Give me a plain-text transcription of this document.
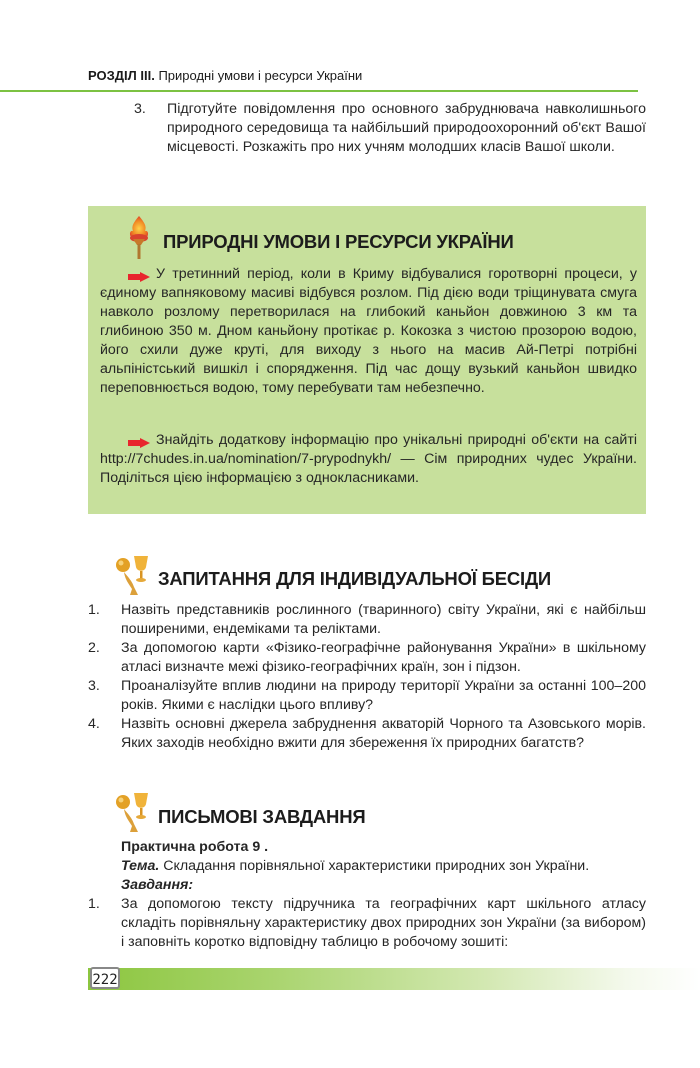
РОЗДІЛ ІІІ. Природні умови і ресурси України
3.	Підготуйте повідомлення про основного забруднювача навколишнього природного середовища та найбільший природоохоронний об'єкт Вашої місцевості. Розкажіть про них учням молодших класів Вашої школи.
ПРИРОДНІ УМОВИ І РЕСУРСИ УКРАЇНИ
У третинний період, коли в Криму відбувалися горотворні процеси, у єдиному вапняковому масиві відбувся розлом. Під дією води тріщинувата смуга навколо розлому перетворилася на глибокий каньйон довжиною 3 км та глибиною 350 м. Дном каньйону протікає р. Кокозка з чистою прозорою водою, його схили дуже круті, для виходу з нього на масив Ай-Петрі потрібні альпіністський вишкіл і спорядження. Під час дощу вузький каньйон швидко переповнюється водою, тому перебувати там небезпечно.
Знайдіть додаткову інформацію про унікальні природні об'єкти на сайті http://7chudes.in.ua/nomination/7-prypodnykh/ — Сім природних чудес України. Поділіться цією інформацією з однокласниками.
ЗАПИТАННЯ ДЛЯ ІНДИВІДУАЛЬНОЇ БЕСІДИ
1.	Назвіть представників рослинного (тваринного) світу України, які є найбільш поширеними, ендеміками та реліктами.
2.	За допомогою карти «Фізико-географічне районування України» в шкільному атласі визначте межі фізико-географічних країн, зон і підзон.
3.	Проаналізуйте вплив людини на природу території України за останні 100–200 років. Якими є наслідки цього впливу?
4.	Назвіть основні джерела забруднення акваторій Чорного та Азовського морів. Яких заходів необхідно вжити для збереження їх природних багатств?
ПИСЬМОВІ ЗАВДАННЯ
Практична робота 9 .
Тема. Складання порівняльної характеристики природних зон України.
Завдання:
1.	За допомогою тексту підручника та географічних карт шкільного атласу складіть порівняльну характеристику двох природних зон України (за вибором) і заповніть коротко відповідну таблицю в робочому зошиті:
222
